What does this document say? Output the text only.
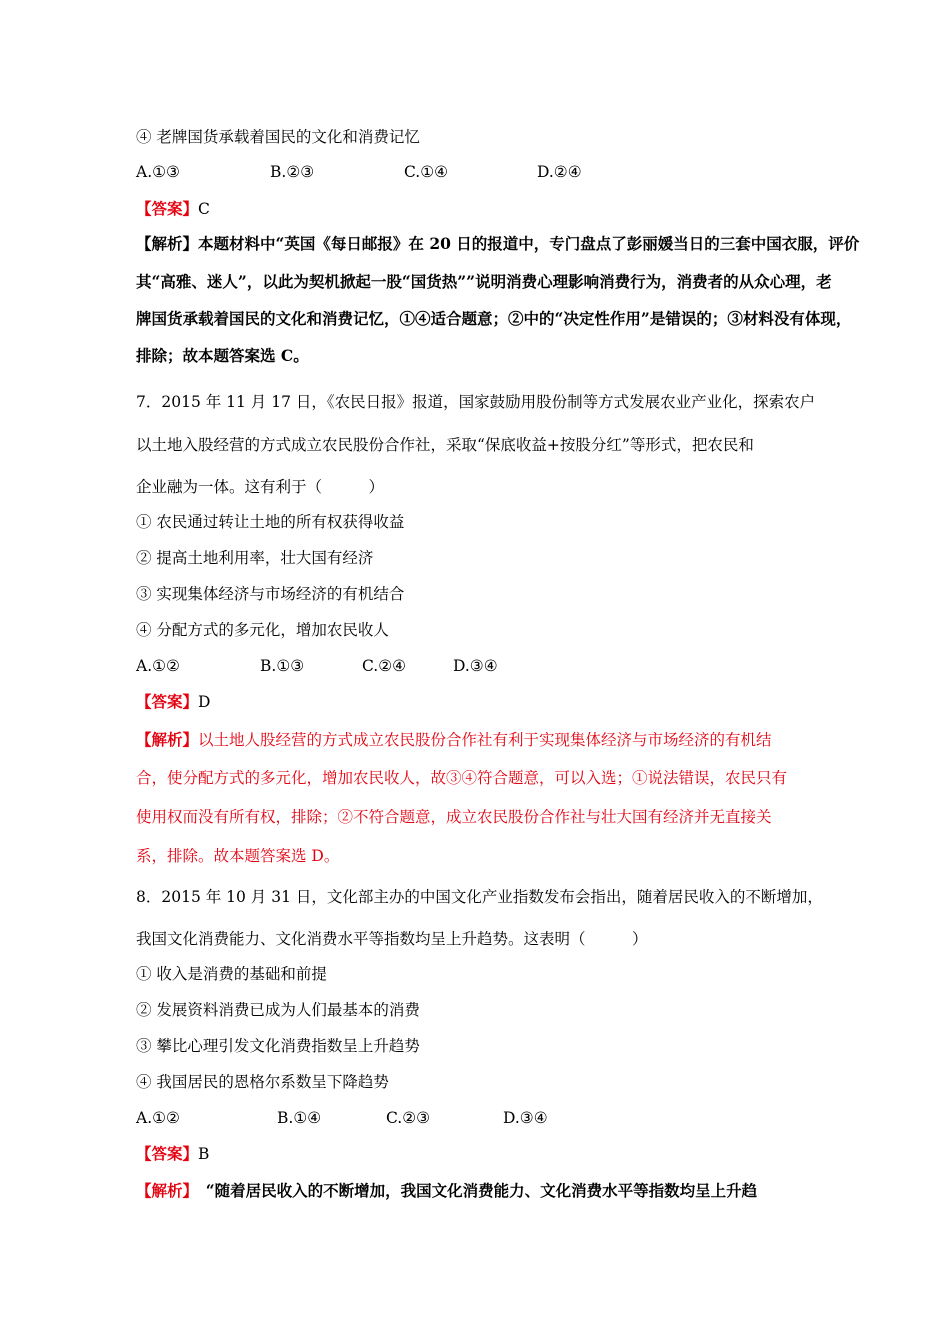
④ 老牌国货承载着国民的文化和消费记忆
A.①③	B.②③	C.①④	D.②④
【答案】C
【解析】本题材料中“英国《每日邮报》在 20 日的报道中，专门盘点了彭丽媛当日的三套中国衣服，评价
其“高雅、迷人”，以此为契机掀起一股“国货热””说明消费心理影响消费行为，消费者的从众心理，老
牌国货承载着国民的文化和消费记忆，①④适合题意；②中的“决定性作用”是错误的；③材料没有体现，
排除；故本题答案选 C。
7．2015 年 11 月 17 日，《农民日报》报道，国家鼓励用股份制等方式发展农业产业化，探索农户
以土地入股经营的方式成立农民股份合作社，采取“保底收益+按股分红”等形式，把农民和
企业融为一体。这有利于（　　　）
① 农民通过转让土地的所有权获得收益
② 提高土地利用率，壮大国有经济
③ 实现集体经济与市场经济的有机结合
④ 分配方式的多元化，增加农民收人
A.①②	B.①③	C.②④	D.③④
【答案】D
【解析】以土地人股经营的方式成立农民股份合作社有利于实现集体经济与市场经济的有机结
合，使分配方式的多元化，增加农民收人，故③④符合题意，可以入选；①说法错误，农民只有
使用权而没有所有权，排除；②不符合题意，成立农民股份合作社与壮大国有经济并无直接关
系，排除。故本题答案选 D。
8．2015 年 10 月 31 日，文化部主办的中国文化产业指数发布会指出，随着居民收入的不断增加，
我国文化消费能力、文化消费水平等指数均呈上升趋势。这表明（　　　）
① 收入是消费的基础和前提
② 发展资料消费已成为人们最基本的消费
③ 攀比心理引发文化消费指数呈上升趋势
④ 我国居民的恩格尔系数呈下降趋势
A.①②	B.①④	C.②③	D.③④
【答案】B
【解析】　“随着居民收入的不断增加，我国文化消费能力、文化消费水平等指数均呈上升趋
